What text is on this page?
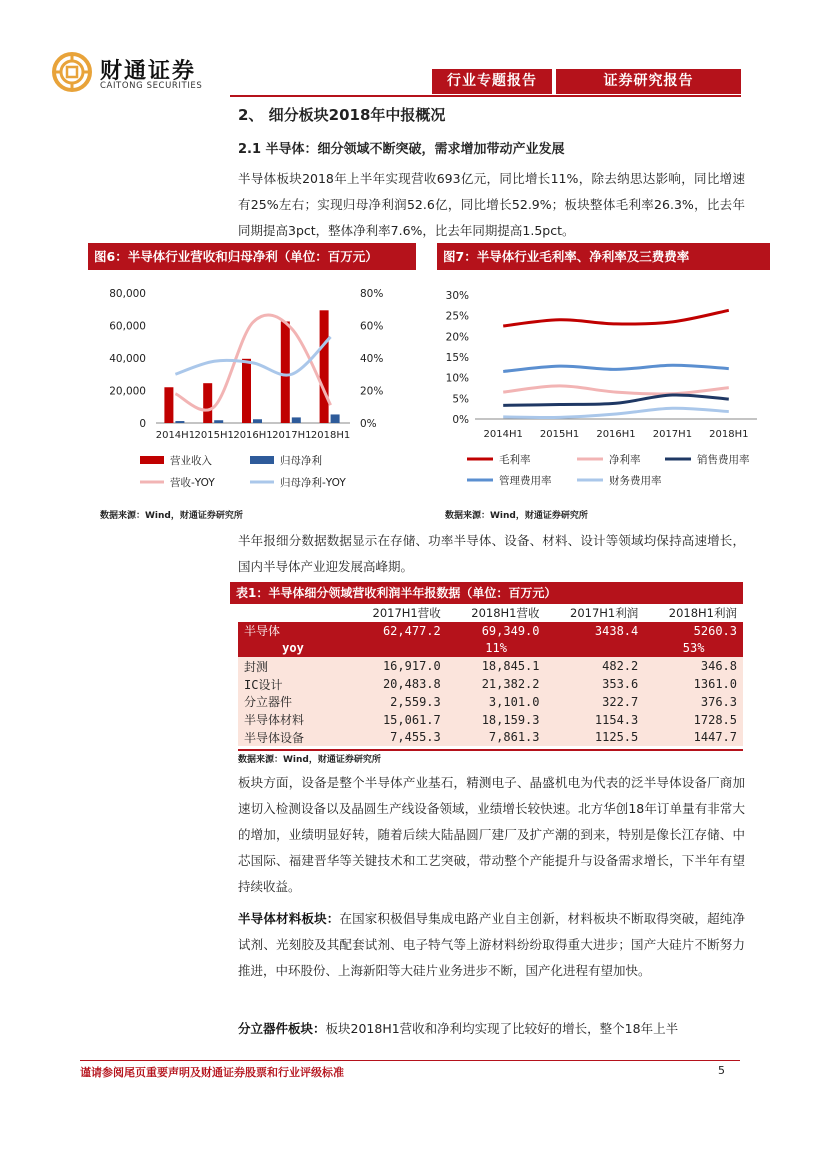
财通证券
CAITONG SECURITIES	行业专题报告	证券研究报告
2、 细分板块2018年中报概况
2.1 半导体：细分领域不断突破，需求增加带动产业发展

半导体板块2018年上半年实现营收693亿元，同比增长11%，除去纳思达影响，同比增速有25%左右；实现归母净利润52.6亿，同比增长52.9%；板块整体毛利率26.3%，比去年同期提高3pct，整体净利率7.6%，比去年同期提高1.5pct。

图6：半导体行业营收和归母净利（单位：百万元）
0
20,000
40,000
60,000
80,000
0%
20%
40%
60%
80%
2014H1 2015H1 2016H1 2017H1 2018H1
营业收入	归母净利
营收-YOY	归母净利-YOY
数据来源：Wind，财通证券研究所
图7：半导体行业毛利率、净利率及三费费率
0%
5%
10%
15%
20%
25%
30%
2014H1 2015H1 2016H1 2017H1 2018H1
毛利率	净利率	销售费用率
管理费用率	财务费用率
数据来源：Wind，财通证券研究所

半年报细分数据数据显示在存储、功率半导体、设备、材料、设计等领域均保持高速增长，国内半导体产业迎发展高峰期。

表1：半导体细分领域营收利润半年报数据（单位：百万元）
	2017H1营收	2018H1营收	2017H1利润	2018H1利润
半导体	62,477.2	69,349.0	3438.4	5260.3
yoy		11%		53%
封测	16,917.0	18,845.1	482.2	346.8
IC设计	20,483.8	21,382.2	353.6	1361.0
分立器件	2,559.3	3,101.0	322.7	376.3
半导体材料	15,061.7	18,159.3	1154.3	1728.5
半导体设备	7,455.3	7,861.3	1125.5	1447.7
数据来源：Wind，财通证券研究所

板块方面，设备是整个半导体产业基石，精测电子、晶盛机电为代表的泛半导体设备厂商加速切入检测设备以及晶圆生产线设备领域，业绩增长较快速。北方华创18年订单量有非常大的增加，业绩明显好转，随着后续大陆晶圆厂建厂及扩产潮的到来，特别是像长江存储、中芯国际、福建晋华等关键技术和工艺突破，带动整个产能提升与设备需求增长，下半年有望持续收益。

半导体材料板块：在国家积极倡导集成电路产业自主创新，材料板块不断取得突破，超纯净试剂、光刻胶及其配套试剂、电子特气等上游材料纷纷取得重大进步；国产大硅片不断努力推进，中环股份、上海新阳等大硅片业务进步不断，国产化进程有望加快。

分立器件板块：板块2018H1营收和净利均实现了比较好的增长，整个18年上半

谨请参阅尾页重要声明及财通证券股票和行业评级标准	5
